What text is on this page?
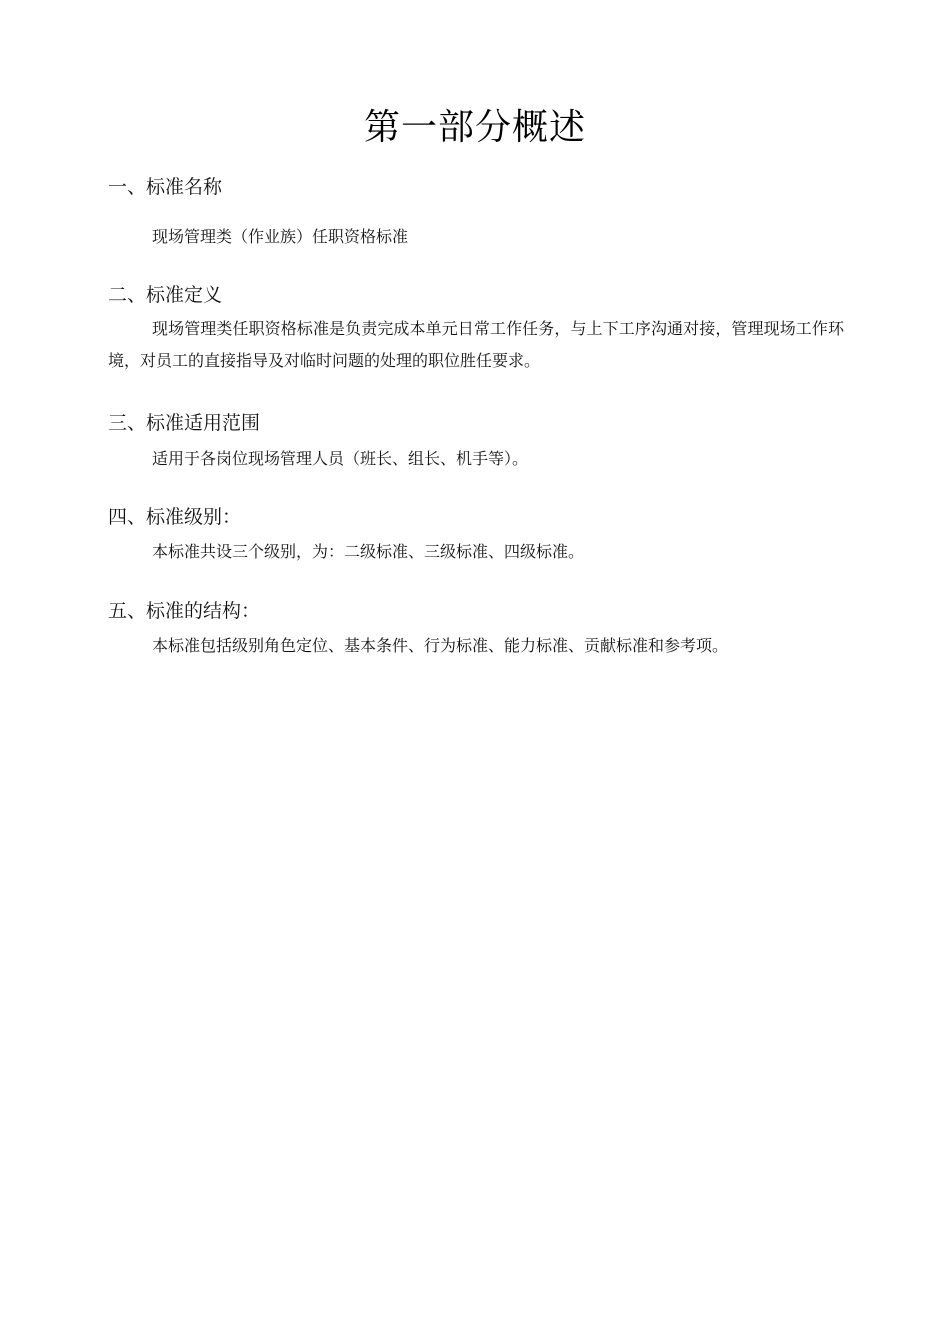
第一部分概述
一、标准名称
现场管理类（作业族）任职资格标准
二、标准定义
现场管理类任职资格标准是负责完成本单元日常工作任务，与上下工序沟通对接，管理现场工作环境，对员工的直接指导及对临时问题的处理的职位胜任要求。
三、标准适用范围
适用于各岗位现场管理人员（班长、组长、机手等）。
四、标准级别：
本标准共设三个级别，为：二级标准、三级标准、四级标准。
五、标准的结构：
本标准包括级别角色定位、基本条件、行为标准、能力标准、贡献标准和参考项。
